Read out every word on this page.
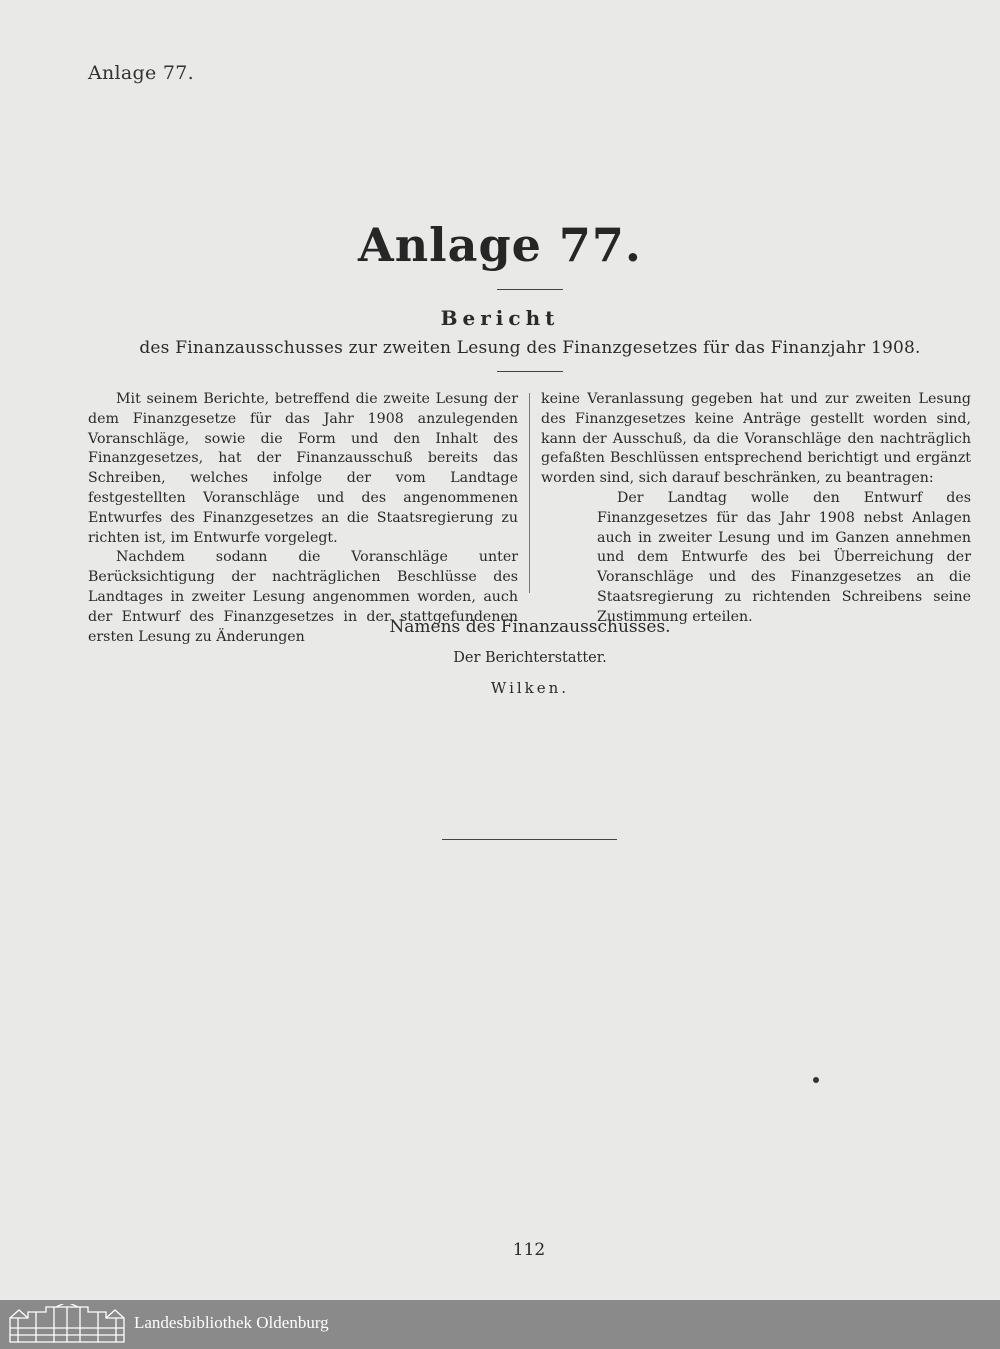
Anlage 77.
Anlage 77.
Bericht
des Finanzausschusses zur zweiten Lesung des Finanzgesetzes für das Finanzjahr 1908.

Mit seinem Berichte, betreffend die zweite Lesung der dem Finanzgesetze für das Jahr 1908 anzulegenden Voranschläge, sowie die Form und den Inhalt des Finanzgesetzes, hat der Finanzausschuß bereits das Schreiben, welches infolge der vom Landtage festgestellten Voranschläge und des angenommenen Entwurfes des Finanzgesetzes an die Staatsregierung zu richten ist, im Entwurfe vorgelegt.

Nachdem sodann die Voranschläge unter Berücksichtigung der nachträglichen Beschlüsse des Landtages in zweiter Lesung angenommen worden, auch der Entwurf des Finanzgesetzes in der stattgefundenen ersten Lesung zu Änderungen

keine Veranlassung gegeben hat und zur zweiten Lesung des Finanzgesetzes keine Anträge gestellt worden sind, kann der Ausschuß, da die Voranschläge den nachträglich gefaßten Beschlüssen entsprechend berichtigt und ergänzt worden sind, sich darauf beschränken, zu beantragen:

Der Landtag wolle den Entwurf des Finanzgesetzes für das Jahr 1908 nebst Anlagen auch in zweiter Lesung und im Ganzen annehmen und dem Entwurfe des bei Überreichung der Voranschläge und des Finanzgesetzes an die Staatsregierung zu richtenden Schreibens seine Zustimmung erteilen.

Namens des Finanzausschusses.
Der Berichterstatter.
Wilken.
112
Landesbibliothek Oldenburg
